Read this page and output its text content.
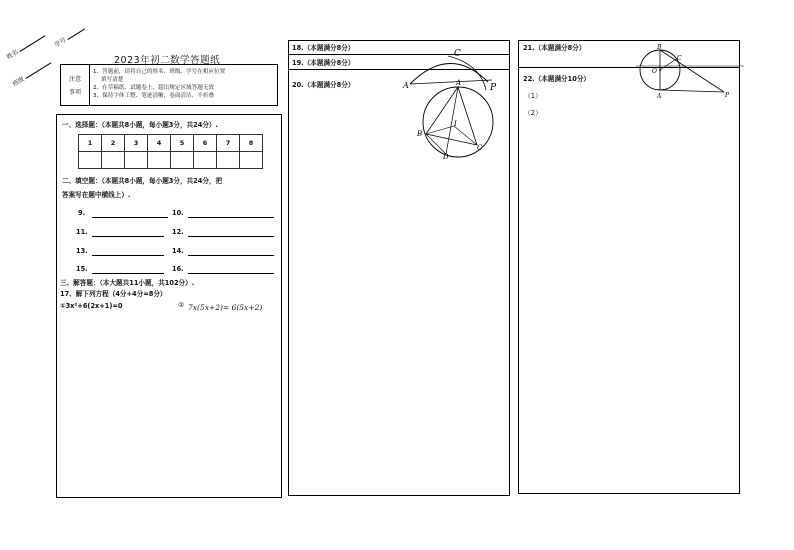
姓名
学号
班级
2023年初二数学答题纸
注意
事项
1、答题前，请将自己的姓名、班级、学号在相应位置
填写清楚
2、在草稿纸、试题卷上，超出规定区域答题无效
3、保持字体工整、笔迹清晰，卷面清洁、不折叠
一、选择题：（本题共8小题，每小题3分，共24分）.
1	2	3	4	5	6	7	8

二、填空题：（本题共8小题，每小题3分，共24分，把
答案写在题中横线上）.
9.	10.
11.	12.
13.	14.
15.	16.
三、解答题：（本大题共11小题，共102分）.
17、解下列方程（4分+4分=8分）
①3x²+6(2x+1)=0	② 7x(5x+2)= 6(5x+2)
18.（本题满分8分）
19.（本题满分8分）
20.（本题满分8分）
C
A	P
A
B
I
D
C
21.（本题满分8分）
22.（本题满分10分）
（1）
（2）
B
C
O
A	P
